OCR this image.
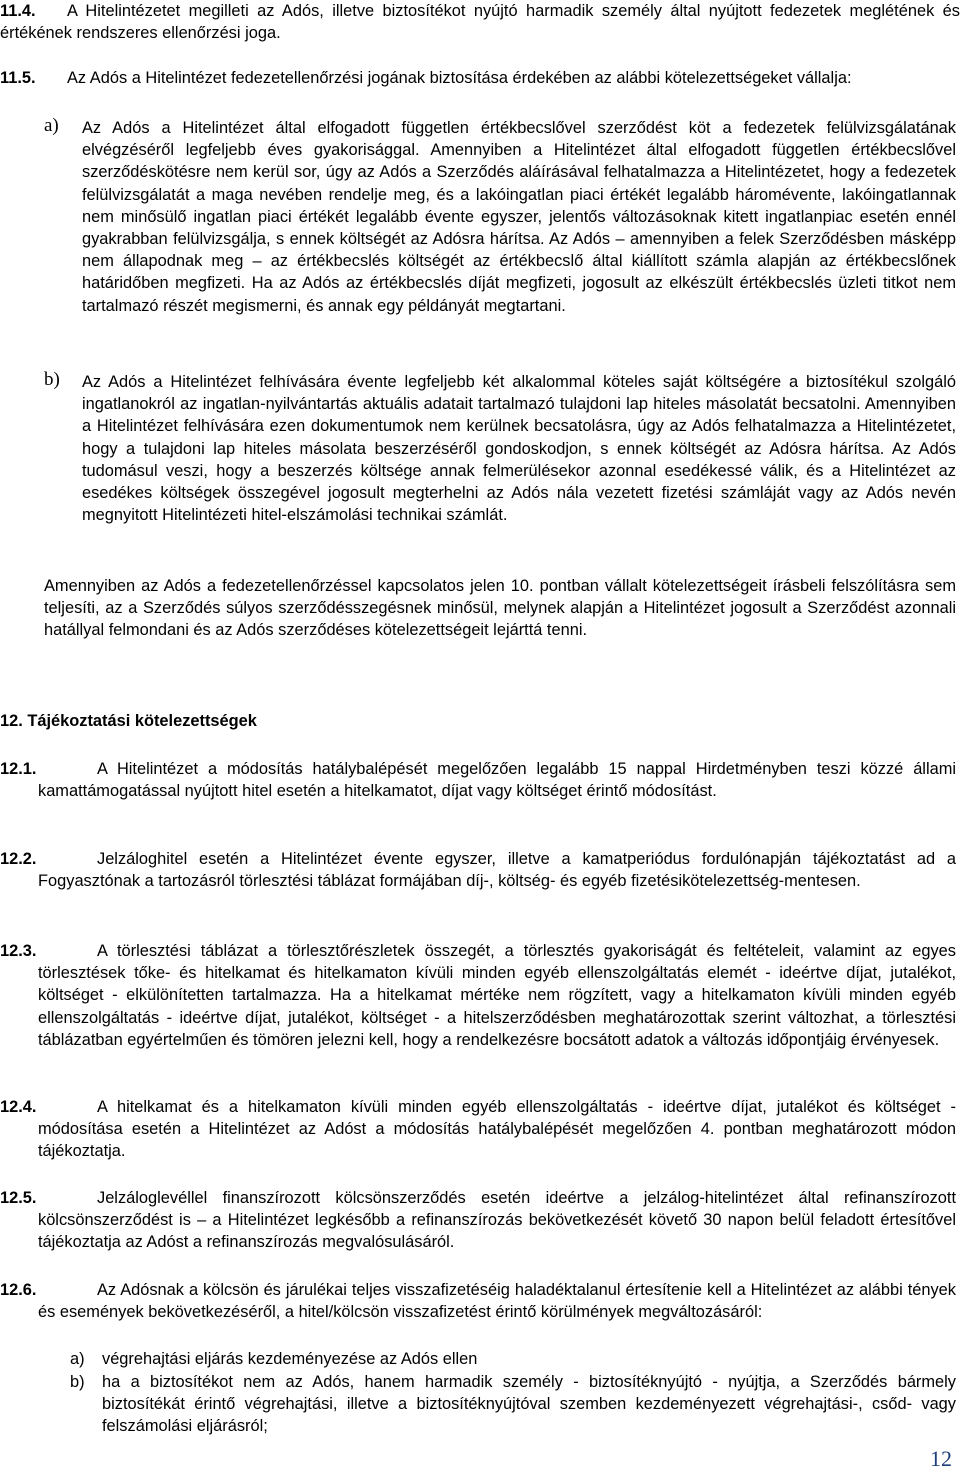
11.4.	A Hitelintézetet megilleti az Adós, illetve biztosítékot nyújtó harmadik személy által nyújtott fedezetek meglétének és értékének rendszeres ellenőrzési joga.
11.5.	Az Adós a Hitelintézet fedezetellenőrzési jogának biztosítása érdekében az alábbi kötelezettségeket vállalja:
a) Az Adós a Hitelintézet által elfogadott független értékbecslővel szerződést köt a fedezetek felülvizsgálatának elvégzéséről legfeljebb éves gyakorisággal. Amennyiben a Hitelintézet által elfogadott független értékbecslővel szerződéskötésre nem kerül sor, úgy az Adós a Szerződés aláírásával felhatalmazza a Hitelintézetet, hogy a fedezetek felülvizsgálatát a maga nevében rendelje meg, és a lakóingatlan piaci értékét legalább háromévente, lakóingatlannak nem minősülő ingatlan piaci értékét legalább évente egyszer, jelentős változásoknak kitett ingatlanpiac esetén ennél gyakrabban felülvizsgálja, s ennek költségét az Adósra hárítsa. Az Adós – amennyiben a felek Szerződésben másképp nem állapodnak meg – az értékbecslés költségét az értékbecslő által kiállított számla alapján az értékbecslőnek határidőben megfizeti. Ha az Adós az értékbecslés díját megfizeti, jogosult az elkészült értékbecslés üzleti titkot nem tartalmazó részét megismerni, és annak egy példányát megtartani.
b) Az Adós a Hitelintézet felhívására évente legfeljebb két alkalommal köteles saját költségére a biztosítékul szolgáló ingatlanokról az ingatlan-nyilvántartás aktuális adatait tartalmazó tulajdoni lap hiteles másolatát becsatolni. Amennyiben a Hitelintézet felhívására ezen dokumentumok nem kerülnek becsatolásra, úgy az Adós felhatalmazza a Hitelintézetet, hogy a tulajdoni lap hiteles másolata beszerzéséről gondoskodjon, s ennek költségét az Adósra hárítsa. Az Adós tudomásul veszi, hogy a beszerzés költsége annak felmerülésekor azonnal esedékessé válik, és a Hitelintézet az esedékes költségek összegével jogosult megterhelni az Adós nála vezetett fizetési számláját vagy az Adós nevén megnyitott Hitelintézeti hitel-elszámolási technikai számlát.
Amennyiben az Adós a fedezetellenőrzéssel kapcsolatos jelen 10. pontban vállalt kötelezettségeit írásbeli felszólításra sem teljesíti, az a Szerződés súlyos szerződésszegésnek minősül, melynek alapján a Hitelintézet jogosult a Szerződést azonnali hatállyal felmondani és az Adós szerződéses kötelezettségeit lejárttá tenni.
12. Tájékoztatási kötelezettségek
12.1.	A Hitelintézet a módosítás hatálybalépését megelőzően legalább 15 nappal Hirdetményben teszi közzé állami kamattámogatással nyújtott hitel esetén a hitelkamatot, díjat vagy költséget érintő módosítást.
12.2.	Jelzáloghitel esetén a Hitelintézet évente egyszer, illetve a kamatperiódus fordulónapján tájékoztatást ad a Fogyasztónak a tartozásról törlesztési táblázat formájában díj-, költség- és egyéb fizetésikötelezettség-mentesen.
12.3.	A törlesztési táblázat a törlesztőrészletek összegét, a törlesztés gyakoriságát és feltételeit, valamint az egyes törlesztések tőke- és hitelkamat és hitelkamaton kívüli minden egyéb ellenszolgáltatás elemét - ideértve díjat, jutalékot, költséget - elkülönítetten tartalmazza. Ha a hitelkamat mértéke nem rögzített, vagy a hitelkamaton kívüli minden egyéb ellenszolgáltatás - ideértve díjat, jutalékot, költséget - a hitelszerződésben meghatározottak szerint változhat, a törlesztési táblázatban egyértelműen és tömören jelezni kell, hogy a rendelkezésre bocsátott adatok a változás időpontjáig érvényesek.
12.4.	A hitelkamat és a hitelkamaton kívüli minden egyéb ellenszolgáltatás - ideértve díjat, jutalékot és költséget - módosítása esetén a Hitelintézet az Adóst a módosítás hatálybalépését megelőzően 4. pontban meghatározott módon tájékoztatja.
12.5.	Jelzáloglevéllel finanszírozott kölcsönszerződés esetén ideértve a jelzálog-hitelintézet által refinanszírozott kölcsönszerződést is – a Hitelintézet legkésőbb a refinanszírozás bekövetkezését követő 30 napon belül feladott értesítővel tájékoztatja az Adóst a refinanszírozás megvalósulásáról.
12.6.	Az Adósnak a kölcsön és járulékai teljes visszafizetéséig haladéktalanul értesítenie kell a Hitelintézet az alábbi tények és események bekövetkezéséről, a hitel/kölcsön visszafizetést érintő körülmények megváltozásáról:
a) végrehajtási eljárás kezdeményezése az Adós ellen
b) ha a biztosítékot nem az Adós, hanem harmadik személy - biztosítéknyújtó - nyújtja, a Szerződés bármely biztosítékát érintő végrehajtási, illetve a biztosítéknyújtóval szemben kezdeményezett végrehajtási-, csőd- vagy felszámolási eljárásról;
12
